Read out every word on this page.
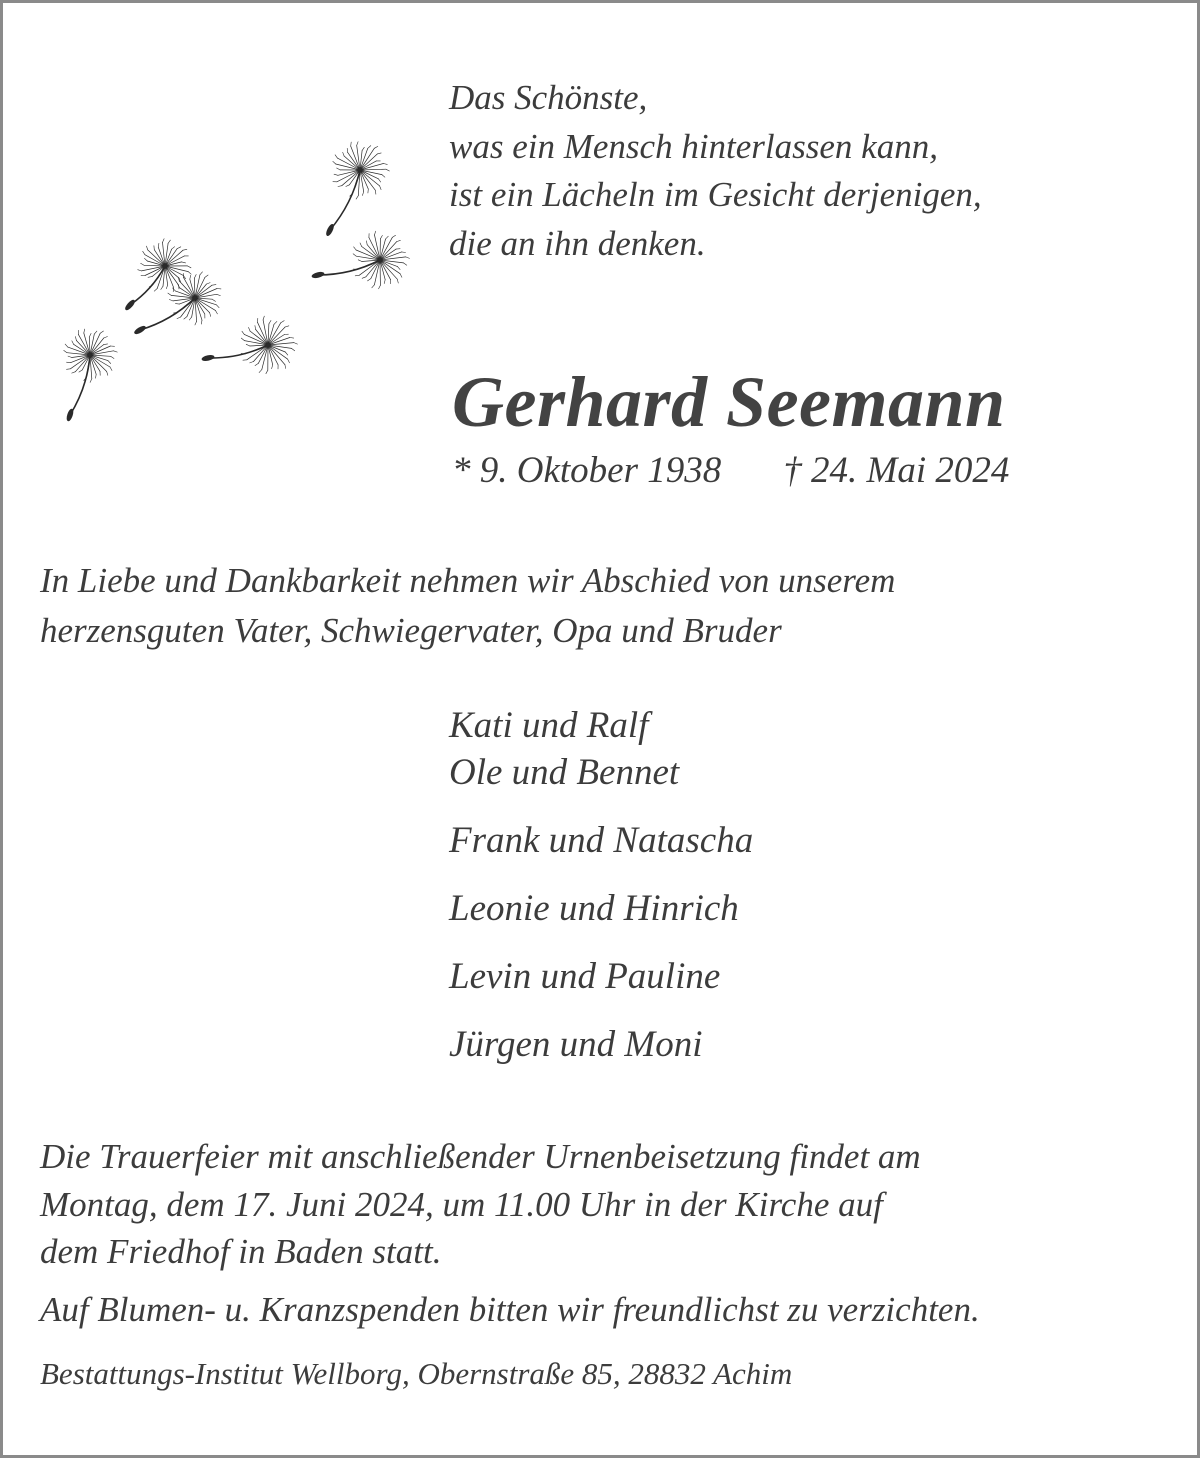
Das Schönste,
was ein Mensch hinterlassen kann,
ist ein Lächeln im Gesicht derjenigen,
die an ihn denken.
Gerhard Seemann
* 9. Oktober 1938 † 24. Mai 2024
In Liebe und Dankbarkeit nehmen wir Abschied von unserem
herzensguten Vater, Schwiegervater, Opa und Bruder
Kati und Ralf
Ole und Bennet
Frank und Natascha
Leonie und Hinrich
Levin und Pauline
Jürgen und Moni
Die Trauerfeier mit anschließender Urnenbeisetzung findet am
Montag, dem 17. Juni 2024, um 11.00 Uhr in der Kirche auf
dem Friedhof in Baden statt.
Auf Blumen- u. Kranzspenden bitten wir freundlichst zu verzichten.
Bestattungs-Institut Wellborg, Obernstraße 85, 28832 Achim
